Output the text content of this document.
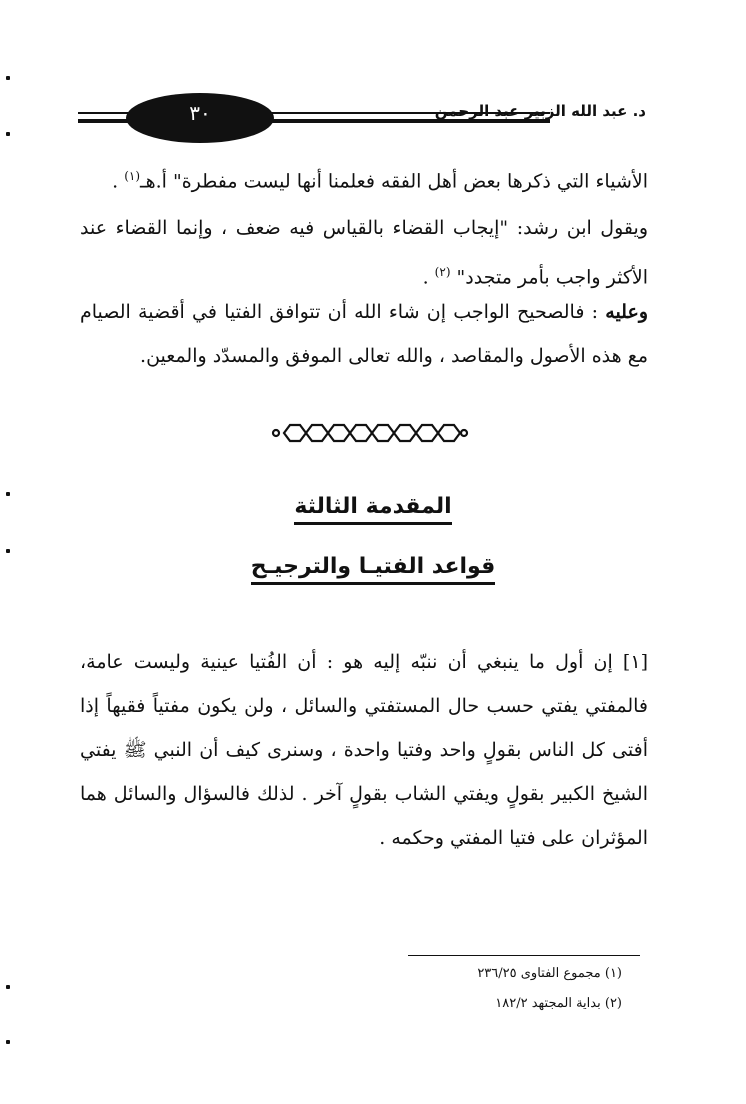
٣٠	د. عبد الله الزبير عبد الرحمن
الأشياء التي ذكرها بعض أهل الفقه فعلمنا أنها ليست مفطرة" أ.هـ$^{(١)}$ .
ويقول ابن رشد: "إيجاب القضاء بالقياس فيه ضعف ، وإنما القضاء عند الأكثر واجب بأمر متجدد" $^{(٢)}$ .
وعليه : فالصحيح الواجب إن شاء الله أن تتوافق الفتيا في أقضية الصيام مع هذه الأصول والمقاصد ، والله تعالى الموفق والمسدّد والمعين.
المقدمة الثالثة
قواعد الفتيـا والترجيـح
[١] إن أول ما ينبغي أن ننبّه إليه هو : أن الفُتيا عينية وليست عامة، فالمفتي يفتي حسب حال المستفتي والسائل ، ولن يكون مفتياً فقيهاً إذا أفتى كل الناس بقولٍ واحد وفتيا واحدة ، وسنرى كيف أن النبي ﷺ يفتي الشيخ الكبير بقولٍ ويفتي الشاب بقولٍ آخر . لذلك فالسؤال والسائل هما المؤثران على فتيا المفتي وحكمه .
(١) مجموع الفتاوى ٢٣٦/٢٥
(٢) بداية المجتهد ١٨٢/٢
